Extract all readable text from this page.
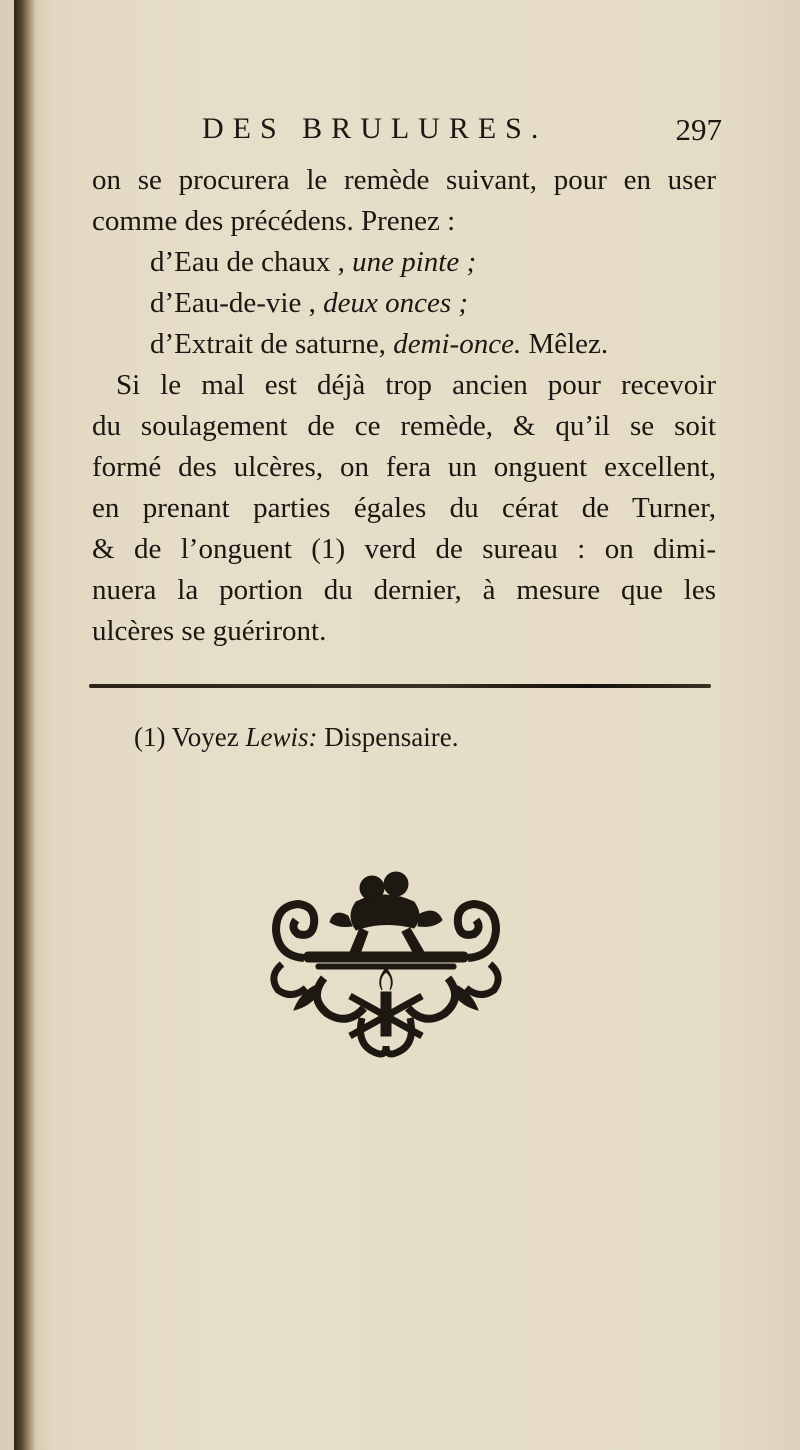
DES BRULURES.	297
on se procurera le remède suivant, pour en user
comme des précédens. Prenez :
d’Eau de chaux , une pinte ;
d’Eau-de-vie , deux onces ;
d’Extrait de saturne, demi-once. Mêlez.
Si le mal est déjà trop ancien pour recevoir
du soulagement de ce remède, & qu’il se soit
formé des ulcères, on fera un onguent excellent,
en prenant parties égales du cérat de Turner,
& de l’onguent (1) verd de sureau : on dimi-
nuera la portion du dernier, à mesure que les
ulcères se guériront.
(1) Voyez Lewis: Dispensaire.
